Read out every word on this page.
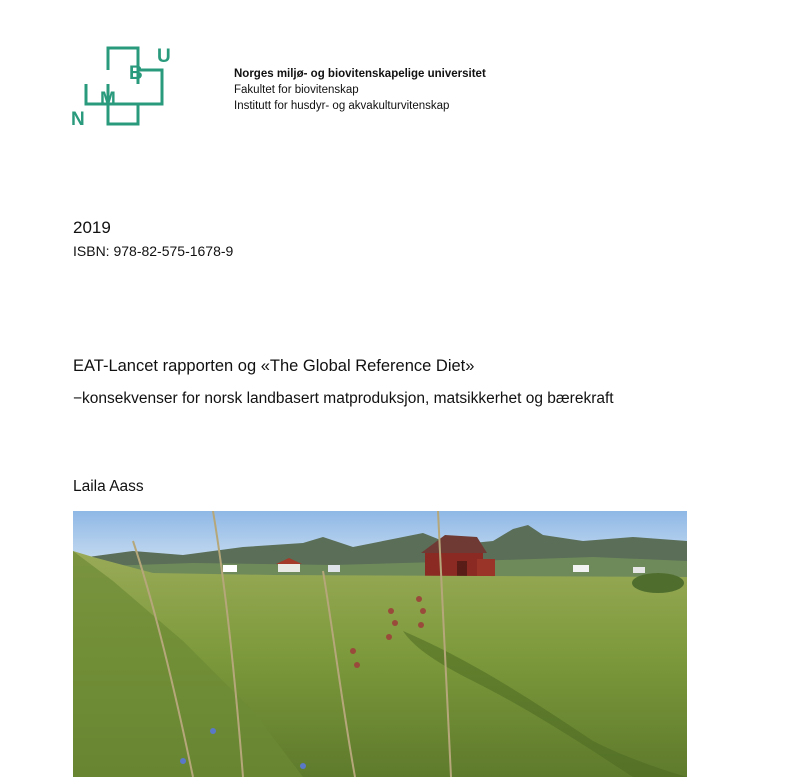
N
M
B
U
Norges miljø- og biovitenskapelige universitet
Fakultet for biovitenskap
Institutt for husdyr- og akvakulturvitenskap
2019
ISBN: 978-82-575-1678-9
EAT-Lancet rapporten og «The Global Reference Diet»
−konsekvenser for norsk landbasert matproduksjon, matsikkerhet og bærekraft
Laila Aass
